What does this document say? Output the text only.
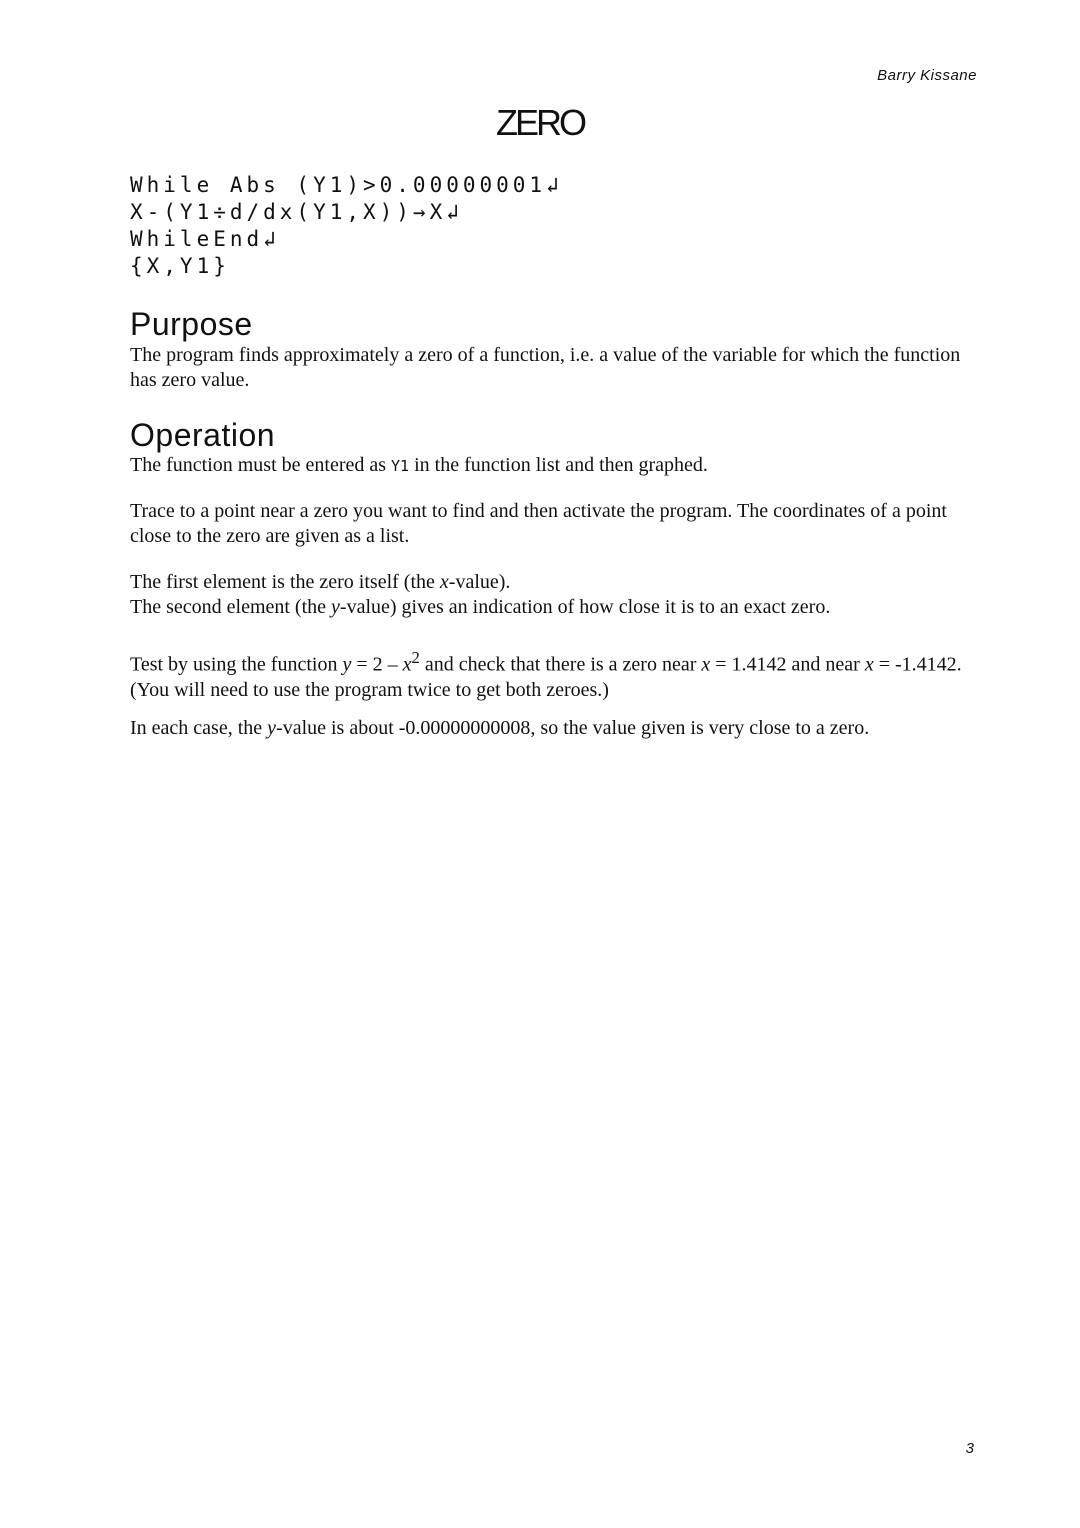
Barry Kissane
ZERO
While Abs (Y1)>0.00000001↲
X-(Y1÷d/dx(Y1,X))→X↲
WhileEnd↲
{X,Y1}
Purpose
The program finds approximately a zero of a function, i.e. a value of the variable for which the function has zero value.
Operation
The function must be entered as Y1 in the function list and then graphed.
Trace to a point near a zero you want to find and then activate the program. The coordinates of a point close to the zero are given as a list.
The first element is the zero itself (the x-value).
The second element (the y-value) gives an indication of how close it is to an exact zero.
Test by using the function $y = 2 - x^2$ and check that there is a zero near x = 1.4142 and near x = -1.4142. (You will need to use the program twice to get both zeroes.)
In each case, the y-value is about -0.00000000008, so the value given is very close to a zero.
3
